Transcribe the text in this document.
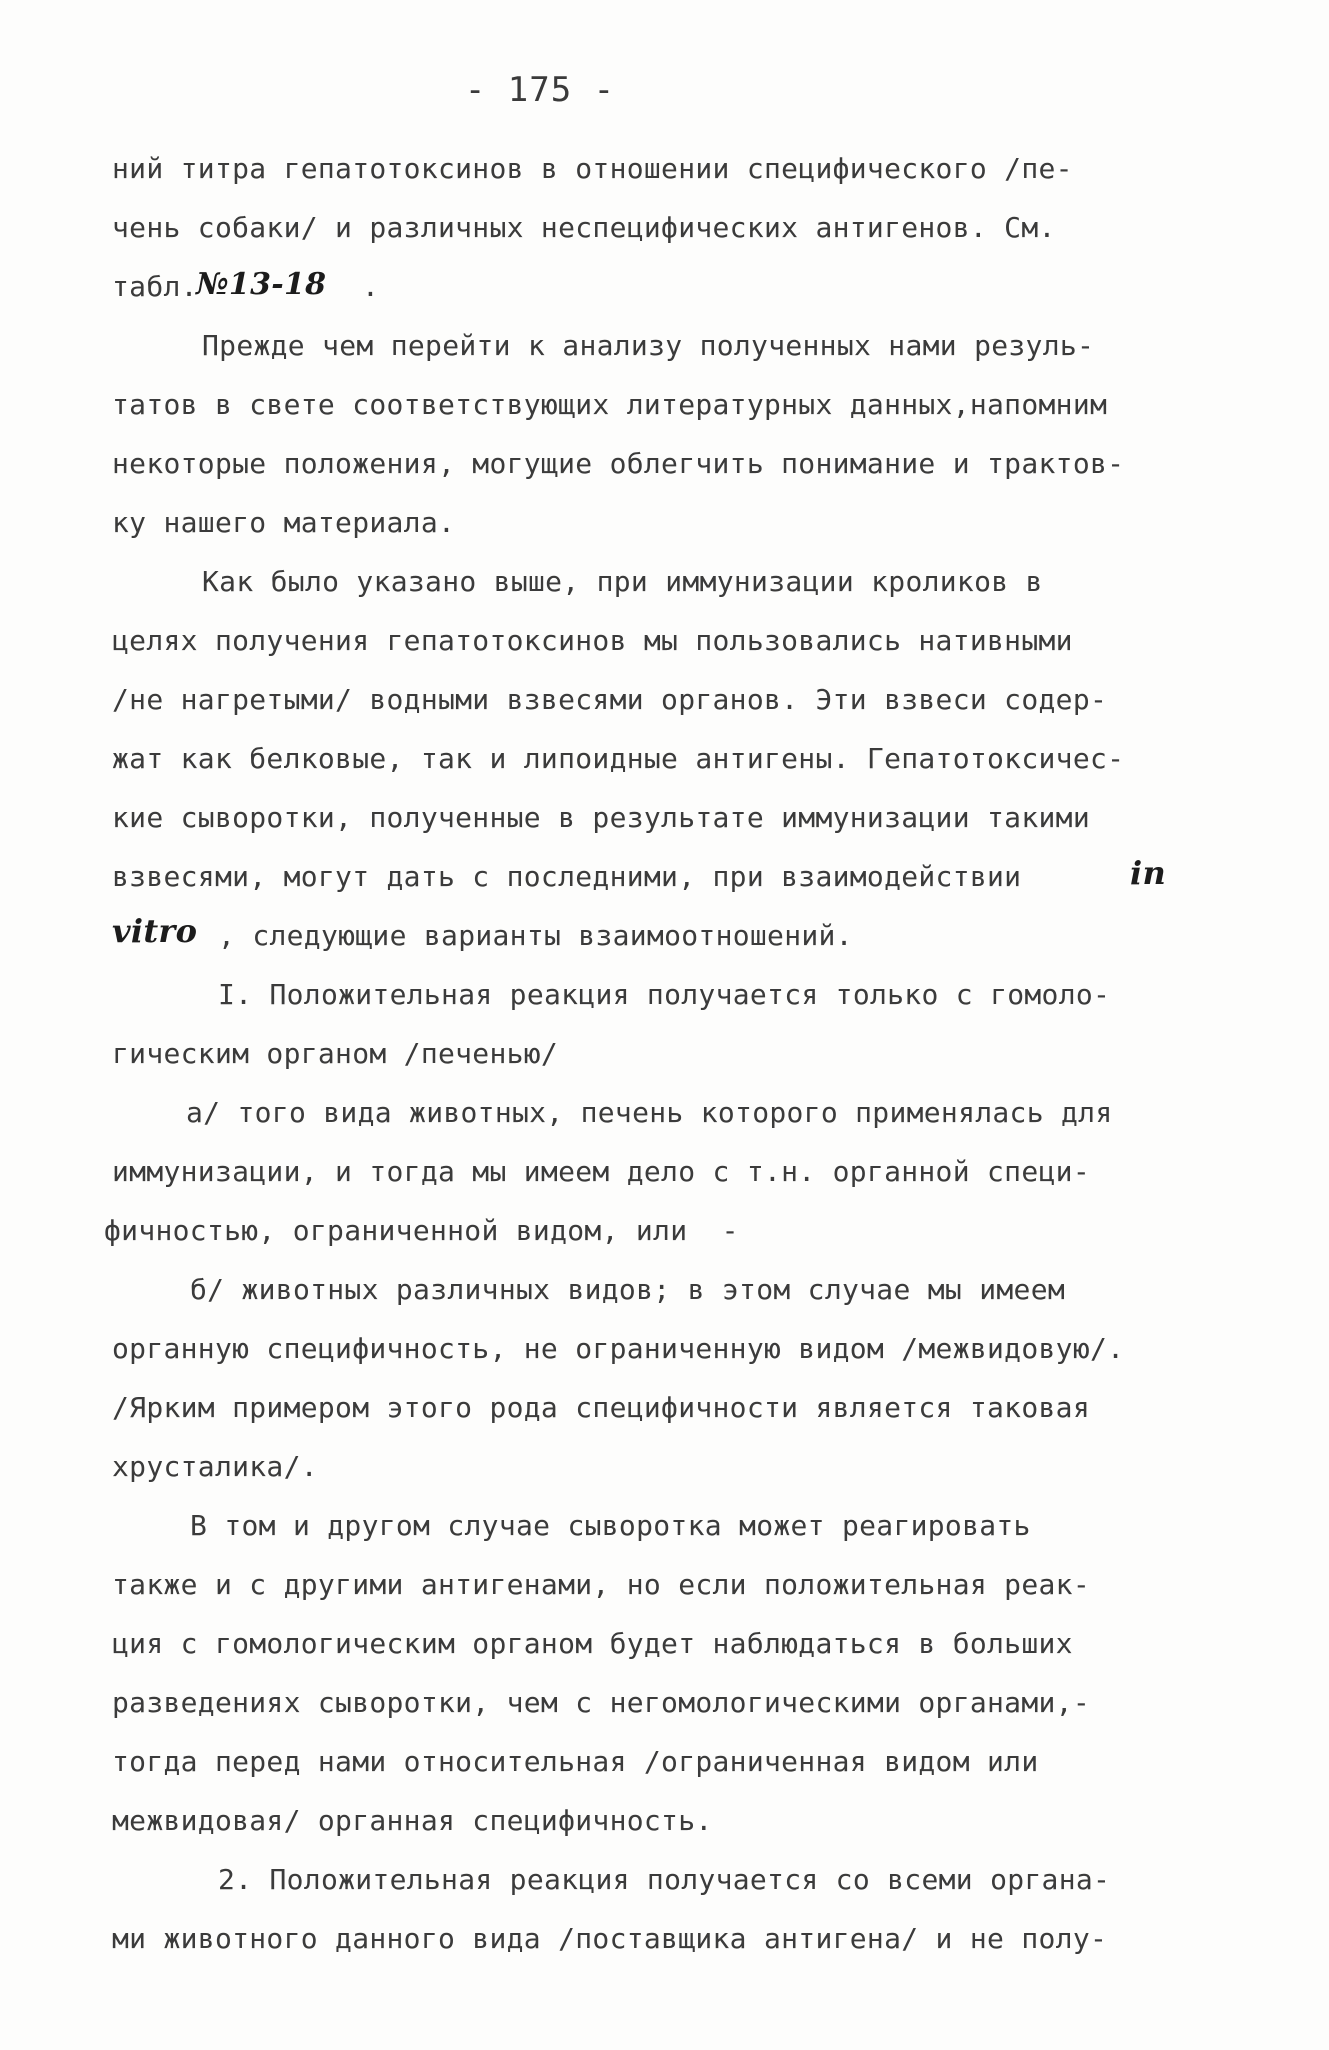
- 175 -
ний титра гепатотоксинов в отношении специфического /пе-
чень собаки/ и различных неспецифических антигенов. См.
табл.
№13-18	.
Прежде чем перейти к анализу полученных нами резуль-
татов в свете соответствующих литературных данных,напомним
некоторые положения, могущие облегчить понимание и трактов-
ку нашего материала.
Как было указано выше, при иммунизации кроликов в
целях получения гепатотоксинов мы пользовались нативными
/не нагретыми/ водными взвесями органов. Эти взвеси содер-
жат как белковые, так и липоидные антигены. Гепатотоксичес-
кие сыворотки, полученные в результате иммунизации такими
взвесями, могут дать с последними, при взаимодействии	in
vitro , следующие варианты взаимоотношений.
I. Положительная реакция получается только с гомоло-
гическим органом /печенью/
а/ того вида животных, печень которого применялась для
иммунизации, и тогда мы имеем дело с т.н. органной специ-
фичностью, ограниченной видом, или  -
б/ животных различных видов; в этом случае мы имеем
органную специфичность, не ограниченную видом /межвидовую/.
/Ярким примером этого рода специфичности является таковая
хрусталика/.
В том и другом случае сыворотка может реагировать
также и с другими антигенами, но если положительная реак-
ция с гомологическим органом будет наблюдаться в больших
разведениях сыворотки, чем с негомологическими органами,-
тогда перед нами относительная /ограниченная видом или
межвидовая/ органная специфичность.
2. Положительная реакция получается со всеми органа-
ми животного данного вида /поставщика антигена/ и не полу-
